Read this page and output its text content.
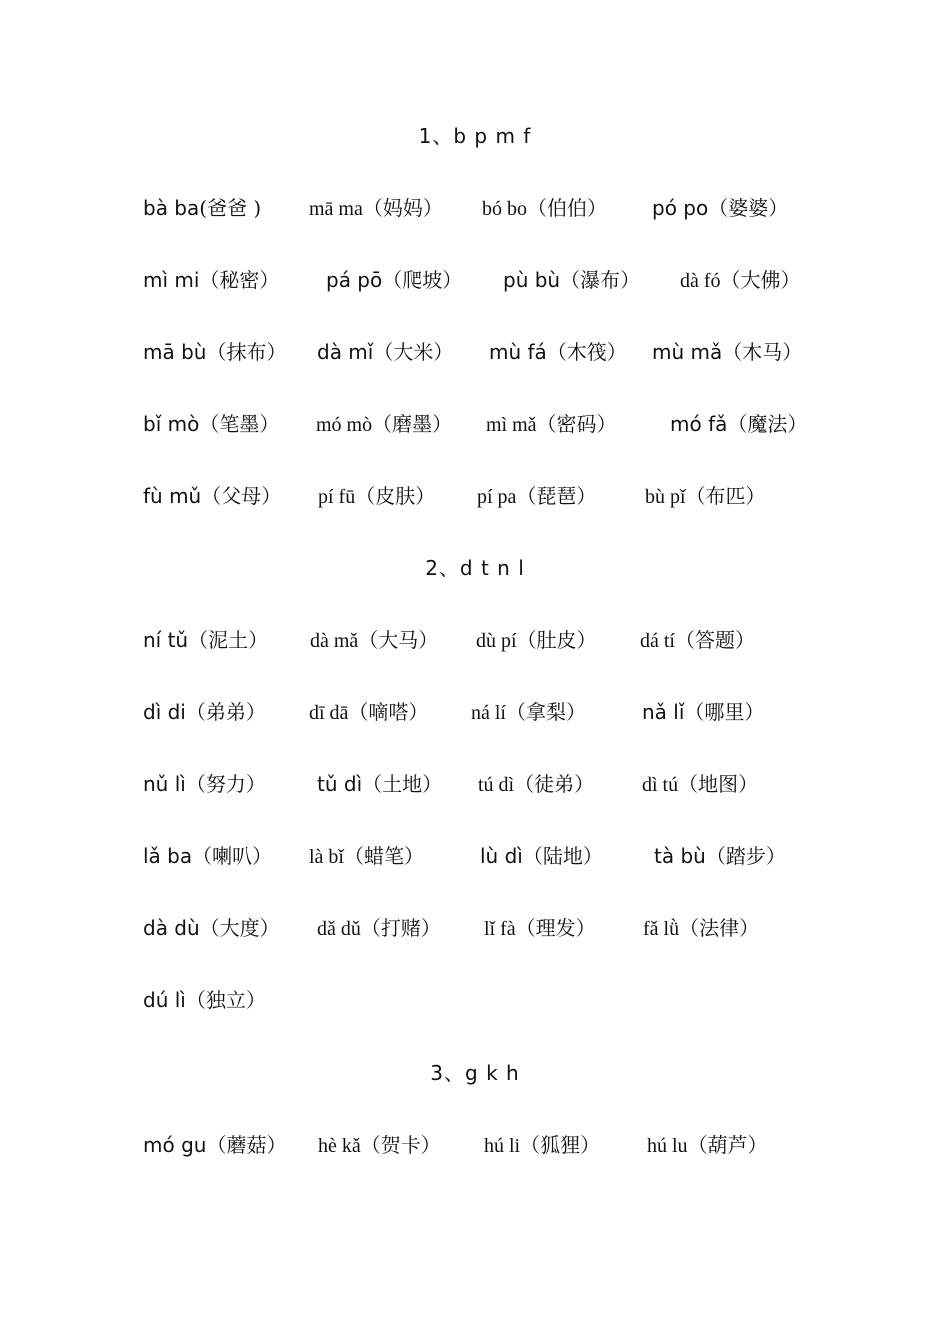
1、b p m f
bà ba(爸爸 ) mā ma（妈妈） bó bo（伯伯） pó po（婆婆）
mì mi（秘密） pá pō（爬坡） pù bù（瀑布） dà fó（大佛）
mā bù（抹布） dà mǐ（大米） mù fá（木筏） mù mǎ（木马）
bǐ mò（笔墨） mó mò（磨墨） mì mǎ（密码）	mó fǎ（魔法）
fù mǔ（父母） pí fū（皮肤） pí pa（琵琶） bù pǐ（布匹）
2、d t n l
ní tǔ（泥土） dà mǎ（大马） dù pí（肚皮） dá tí（答题）
dì di（弟弟） dī dā（嘀嗒） ná lí（拿梨）	nǎ lǐ（哪里）
nǔ lì（努力）	tǔ dì（土地） tú dì（徒弟） dì tú（地图）
lǎ ba（喇叭） là bǐ（蜡笔）	lù dì（陆地）	tà bù（踏步）
dà dù（大度） dǎ dǔ（打赌） lǐ fà（理发） fǎ lǜ（法律）
dú lì（独立）
3、g k h
mó gu（蘑菇） hè kǎ（贺卡） hú li（狐狸） hú lu（葫芦）
